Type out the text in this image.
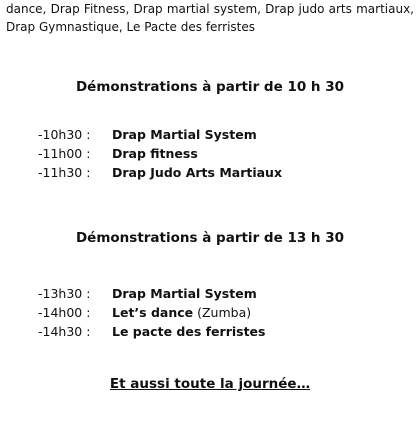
dance, Drap Fitness, Drap martial system, Drap judo arts martiaux, Drap Gymnastique, Le Pacte des ferristes
Démonstrations à partir de 10 h 30
-10h30 : Drap Martial System
-11h00 : Drap fitness
-11h30 : Drap Judo Arts Martiaux
Démonstrations à partir de 13 h 30
-13h30 : Drap Martial System
-14h00 : Let’s dance (Zumba)
-14h30 : Le pacte des ferristes
Et aussi toute la journée…
